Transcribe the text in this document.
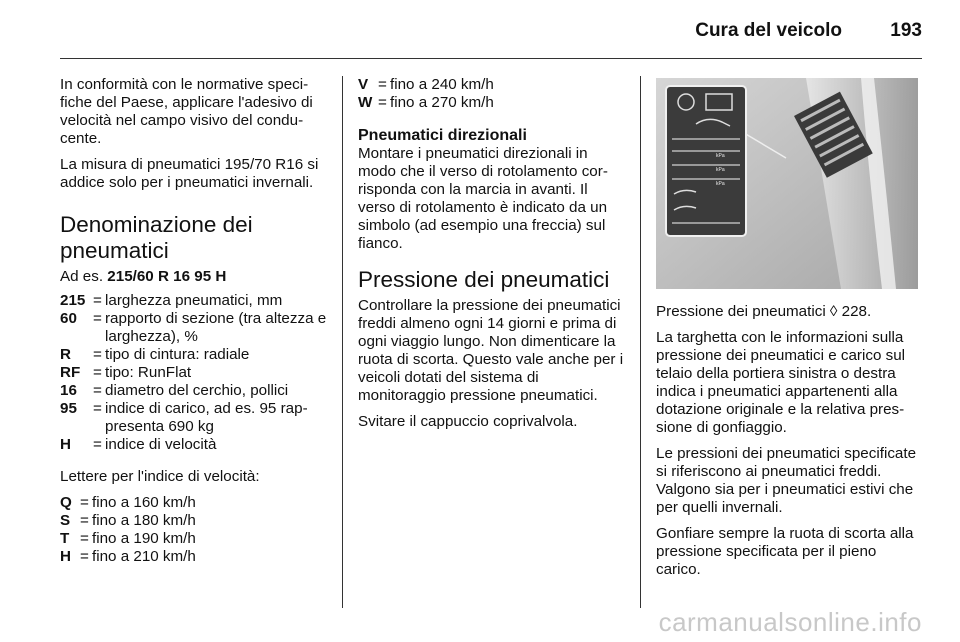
Cura del veicolo	193

In conformità con le normative specifiche del Paese, applicare l'adesivo di velocità nel campo visivo del conducente.

La misura di pneumatici 195/70 R16 si addice solo per i pneumatici invernali.

Denominazione dei pneumatici
Ad es. 215/60 R 16 95 H
215 = larghezza pneumatici, mm
60	= rapporto di sezione (tra altezza e larghezza), %
R	= tipo di cintura: radiale
RF = tipo: RunFlat
16	= diametro del cerchio, pollici
95	= indice di carico, ad es. 95 rappresenta 690 kg
H	= indice di velocità

Lettere per l'indice di velocità:

Q = fino a 160 km/h
S = fino a 180 km/h
T = fino a 190 km/h
H = fino a 210 km/h
V = fino a 240 km/h
W = fino a 270 km/h
Pneumatici direzionali

Montare i pneumatici direzionali in modo che il verso di rotolamento corrisponda con la marcia in avanti. Il verso di rotolamento è indicato da un simbolo (ad esempio una freccia) sul fianco.

Pressione dei pneumatici

Controllare la pressione dei pneumatici freddi almeno ogni 14 giorni e prima di ogni viaggio lungo. Non dimenticare la ruota di scorta. Questo vale anche per i veicoli dotati del sistema di monitoraggio pressione pneumatici.

Svitare il cappuccio coprivalvola.

kPa
kPa
kPa

Pressione dei pneumatici ◊ 228.

La targhetta con le informazioni sulla pressione dei pneumatici e carico sul telaio della portiera sinistra o destra indica i pneumatici appartenenti alla dotazione originale e la relativa pressione di gonfiaggio.

Le pressioni dei pneumatici specificate si riferiscono ai pneumatici freddi. Valgono sia per i pneumatici estivi che per quelli invernali.

Gonfiare sempre la ruota di scorta alla pressione specificata per il pieno carico.

carmanualsonline.info
